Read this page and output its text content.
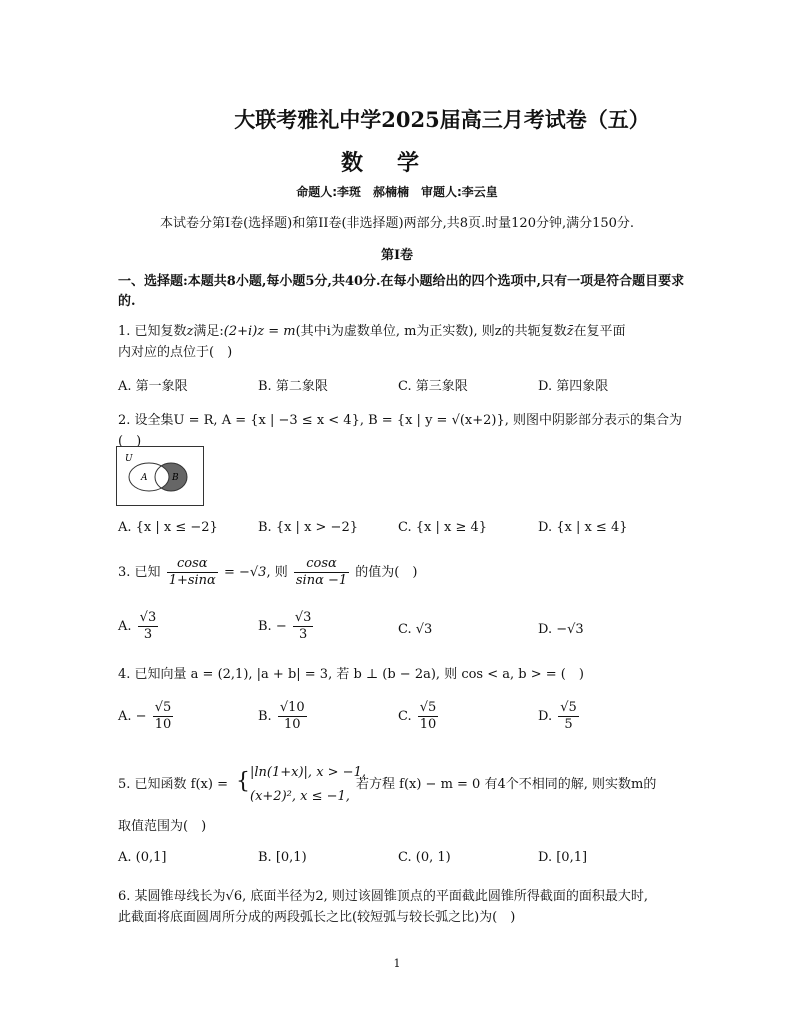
大联考雅礼中学2025届高三月考试卷（五）
数学
命题人:李斑　郝楠楠　审题人:李云皇
本试卷分第I卷(选择题)和第II卷(非选择题)两部分,共8页.时量120分钟,满分150分.
第I卷
一、选择题:本题共8小题,每小题5分,共40分.在每小题给出的四个选项中,只有一项是符合题目要求的.
1. 已知复数z满足:(2+i)z = m(其中i为虚数单位, m为正实数), 则z的共轭复数z̄在复平面
内对应的点位于(　)
A. 第一象限	B. 第二象限	C. 第三象限	D. 第四象限
2. 设全集U = R, A = {x | −3 ≤ x < 4}, B = {x | y = √(x+2)}, 则图中阴影部分表示的集合为(　)
U
A	B
A. {x | x ≤ −2}	B. {x | x > −2}	C. {x | x ≥ 4}	D. {x | x ≤ 4}
3. 已知 $\frac{\cos\alpha}{1+\sin\alpha} = -√3$, 则 $\frac{\cos\alpha}{\sin\alpha -1}$ 的值为(　)
A. $\frac{√3}{3}$	B. − $\frac{√3}{3}$	C. √3	D. −√3
4. 已知向量 a = (2,1), |a + b| = 3, 若 b ⊥ (b − 2a), 则 cos < a, b > = (　)
A. − $\frac{√5}{10}$	B. $\frac{√10}{10}$	C. $\frac{√5}{10}$	D. $\frac{√5}{5}$
5. 已知函数 f(x) = { |ln(1+x)|, x > −1,
(x+2)², x ≤ −1,
若方程 f(x) − m = 0 有4个不相同的解, 则实数m的
取值范围为(　)
A. (0,1]	B. [0,1)	C. (0, 1)	D. [0,1]
6. 某圆锥母线长为√6, 底面半径为2, 则过该圆锥顶点的平面截此圆锥所得截面的面积最大时,
此截面将底面圆周所分成的两段弧长之比(较短弧与较长弧之比)为(　)
1
